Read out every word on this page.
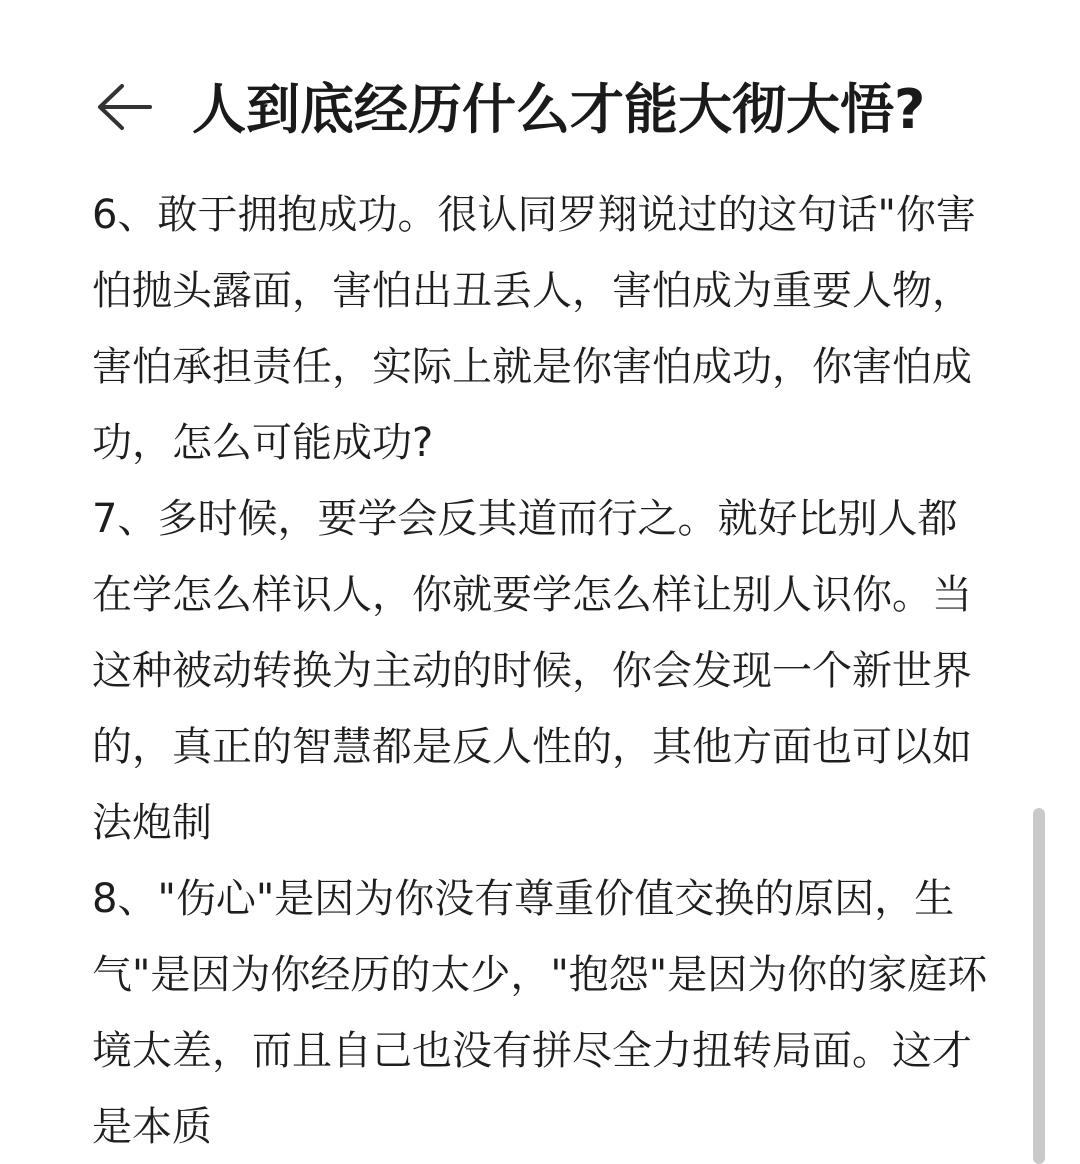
人到底经历什么才能大彻大悟?

6、敢于拥抱成功。很认同罗翔说过的这句话"你害怕抛头露面，害怕出丑丢人，害怕成为重要人物，害怕承担责任，实际上就是你害怕成功，你害怕成功，怎么可能成功?

7、多时候，要学会反其道而行之。就好比别人都在学怎么样识人，你就要学怎么样让别人识你。当这种被动转换为主动的时候，你会发现一个新世界的，真正的智慧都是反人性的，其他方面也可以如法炮制

8、"伤心"是因为你没有尊重价值交换的原因，生气"是因为你经历的太少，"抱怨"是因为你的家庭环境太差，而且自己也没有拼尽全力扭转局面。这才是本质
